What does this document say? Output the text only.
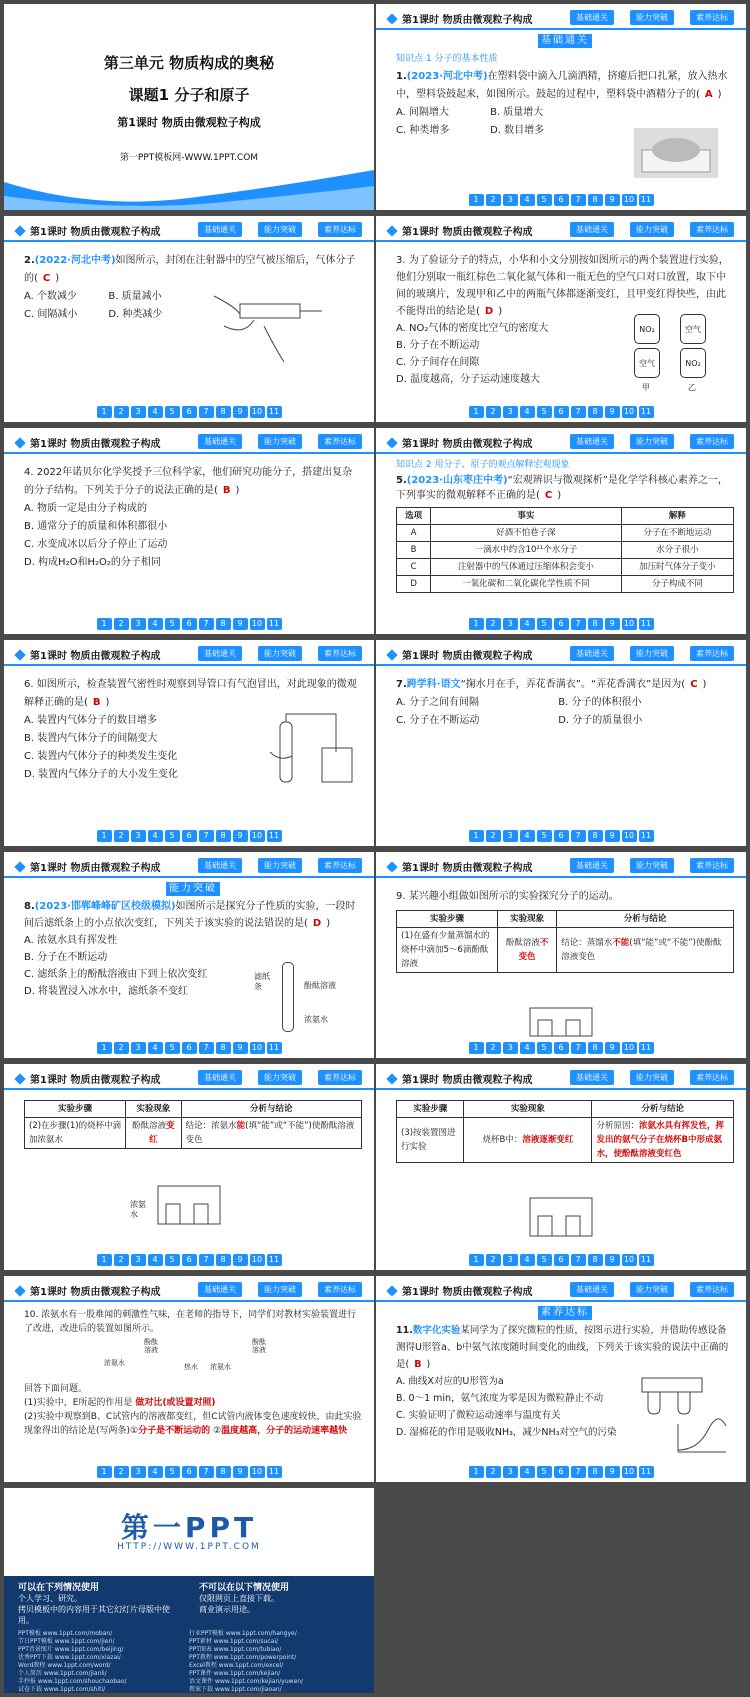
第三单元 物质构成的奥秘
课题1 分子和原子
第1课时 物质由微观粒子构成
第一PPT模板网-WWW.1PPT.COM
第1课时 物质由微观粒子构成	基础通关	能力突破	素养达标
基础通关
知识点 1 分子的基本性质
1.(2023·河北中考)在塑料袋中滴入几滴酒精，挤瘪后把口扎紧，放入热水中，塑料袋鼓起来，如图所示。鼓起的过程中，塑料袋中酒精分子的( A )
A. 间隔增大	B. 质量增大C. 种类增多	D. 数目增多
1 2 3 4 5 6 7 8 9 10 11
第1课时 物质由微观粒子构成	基础通关	能力突破	素养达标
2.(2022·河北中考)如图所示，封闭在注射器中的空气被压缩后，气体分子的( C )
A. 个数减少	B. 质量减小C. 间隔减小	D. 种类减少
1 2 3 4 5 6 7 8 9 10 11
第1课时 物质由微观粒子构成	基础通关	能力突破	素养达标
3. 为了验证分子的特点，小华和小文分别按如图所示的两个装置进行实验，他们分别取一瓶红棕色二氧化氮气体和一瓶无色的空气口对口放置，取下中间的玻璃片，发现甲和乙中的两瓶气体都逐渐变红，且甲变红得快些，由此不能得出的结论是( D )
A. NO₂气体的密度比空气的密度大
B. 分子在不断运动
C. 分子间存在间隙
D. 温度越高，分子运动速度越大
NO₂
空气
空气
NO₂
甲	乙
1 2 3 4 5 6 7 8 9 10 11
第1课时 物质由微观粒子构成	基础通关	能力突破	素养达标
4. 2022年诺贝尔化学奖授予三位科学家，他们研究功能分子，搭建出复杂的分子结构。下列关于分子的说法正确的是( B )
A. 物质一定是由分子构成的
B. 通常分子的质量和体积都很小
C. 水变成冰以后分子停止了运动
D. 构成H₂O和H₂O₂的分子相同
1 2 3 4 5 6 7 8 9 10 11
第1课时 物质由微观粒子构成	基础通关	能力突破	素养达标
知识点 2 用分子、原子的观点解释宏观现象
5.(2023·山东枣庄中考)“宏观辨识与微观探析”是化学学科核心素养之一，下列事实的微观解释不正确的是( C )
选项	事实	解释
A	好酒不怕巷子深	分子在不断地运动
B	一滴水中约含10²¹个水分子	水分子很小
C	注射器中的气体通过压缩体积会变小	加压时气体分子变小
D	一氧化碳和二氧化碳化学性质不同	分子构成不同
1 2 3 4 5 6 7 8 9 10 11
第1课时 物质由微观粒子构成	基础通关	能力突破	素养达标
6. 如图所示，检查装置气密性时观察到导管口有气泡冒出，对此现象的微观解释正确的是( B )
A. 装置内气体分子的数目增多
B. 装置内气体分子的间隔变大
C. 装置内气体分子的种类发生变化
D. 装置内气体分子的大小发生变化
1 2 3 4 5 6 7 8 9 10 11
第1课时 物质由微观粒子构成	基础通关	能力突破	素养达标
7.跨学科·语文“掬水月在手，弄花香满衣”。“弄花香满衣”是因为( C )
A. 分子之间有间隔	B. 分子的体积很小C. 分子在不断运动	D. 分子的质量很小
1 2 3 4 5 6 7 8 9 10 11
第1课时 物质由微观粒子构成	基础通关	能力突破	素养达标
能力突破
8.(2023·邯郸峰峰矿区校级模拟)如图所示是探究分子性质的实验，一段时间后滤纸条上的小点依次变红，下列关于该实验的说法错误的是( D )
A. 浓氨水具有挥发性
B. 分子在不断运动
C. 滤纸条上的酚酞溶液由下到上依次变红
D. 将装置浸入冰水中，滤纸条不变红
滤纸条	酚酞溶液
浓氨水
1 2 3 4 5 6 7 8 9 10 11
第1课时 物质由微观粒子构成	基础通关	能力突破	素养达标
9. 某兴趣小组做如图所示的实验探究分子的运动。
实验步骤	实验现象	分析与结论
(1)在盛有少量蒸馏水的烧杯中滴加5～6滴酚酞溶液	酚酞溶液不变色	结论：蒸馏水不能(填“能”或“不能”)使酚酞溶液变色
1 2 3 4 5 6 7 8 9 10 11
第1课时 物质由微观粒子构成	基础通关	能力突破	素养达标
实验步骤	实验现象	分析与结论
(2)在步骤(1)的烧杯中滴加浓氨水	酚酞溶液变红	结论：浓氨水能(填“能”或“不能”)使酚酞溶液变色
浓氨水
1 2 3 4 5 6 7 8 9 10 11
第1课时 物质由微观粒子构成	基础通关	能力突破	素养达标
实验步骤	实验现象	分析与结论
(3)按装置图进行实验	烧杯B中：溶液逐渐变红	分析原因：浓氨水具有挥发性，挥发出的氨气分子在烧杯B中形成氨水，使酚酞溶液变红色
1 2 3 4 5 6 7 8 9 10 11
第1课时 物质由微观粒子构成	基础通关	能力突破	素养达标
10. 浓氨水有一股难闻的刺激性气味，在老师的指导下，同学们对教材实验装置进行了改进，改进后的装置如图所示。
浓氨水
酚酞溶液
热水 浓氨水
酚酞溶液
回答下面问题。
(1)实验中，E所起的作用是 做对比(或设置对照)
(2)实验中观察到B、C试管内的溶液都变红，但C试管内液体变色速度较快，由此实验现象得出的结论是(写两条)①分子是不断运动的 ②温度越高，分子的运动速率越快
1 2 3 4 5 6 7 8 9 10 11
第1课时 物质由微观粒子构成	基础通关	能力突破	素养达标
素养达标
11.数字化实验某同学为了探究微粒的性质，按图示进行实验，并借助传感设备测得U形管a、b中氨气浓度随时间变化的曲线，下列关于该实验的说法中正确的是( B )
A. 曲线X对应的U形管为a
B. 0～1 min，氨气浓度为零是因为微粒静止不动
C. 实验证明了微粒运动速率与温度有关
D. 湿棉花的作用是吸收NH₃，减少NH₃对空气的污染
1 2 3 4 5 6 7 8 9 10 11
第一PPT
HTTP://WWW.1PPT.COM
可以在下列情况使用
个人学习、研究。
拷贝模板中的内容用于其它幻灯片母版中使用。
不可以在以下情况使用
仅限网页上直接下载。
商业演示用途。
PPT模板 www.1ppt.com/moban/	行业PPT模板 www.1ppt.com/hangye/
节日PPT模板 www.1ppt.com/jieri/	PPT素材 www.1ppt.com/sucai/
PPT背景图片 www.1ppt.com/beijing/	PPT图表 www.1ppt.com/tubiao/
优秀PPT下载 www.1ppt.com/xiazai/	PPT教程 www.1ppt.com/powerpoint/
Word教程 www.1ppt.com/word/	Excel教程 www.1ppt.com/excel/
个人简历 www.1ppt.com/jianli/	PPT课件 www.1ppt.com/kejian/
手抄报 www.1ppt.com/shouchaobao/	语文课件 www.1ppt.com/kejian/yuwen/
试卷下载 www.1ppt.com/shiti/	教案下载 www.1ppt.com/jiaoan/
